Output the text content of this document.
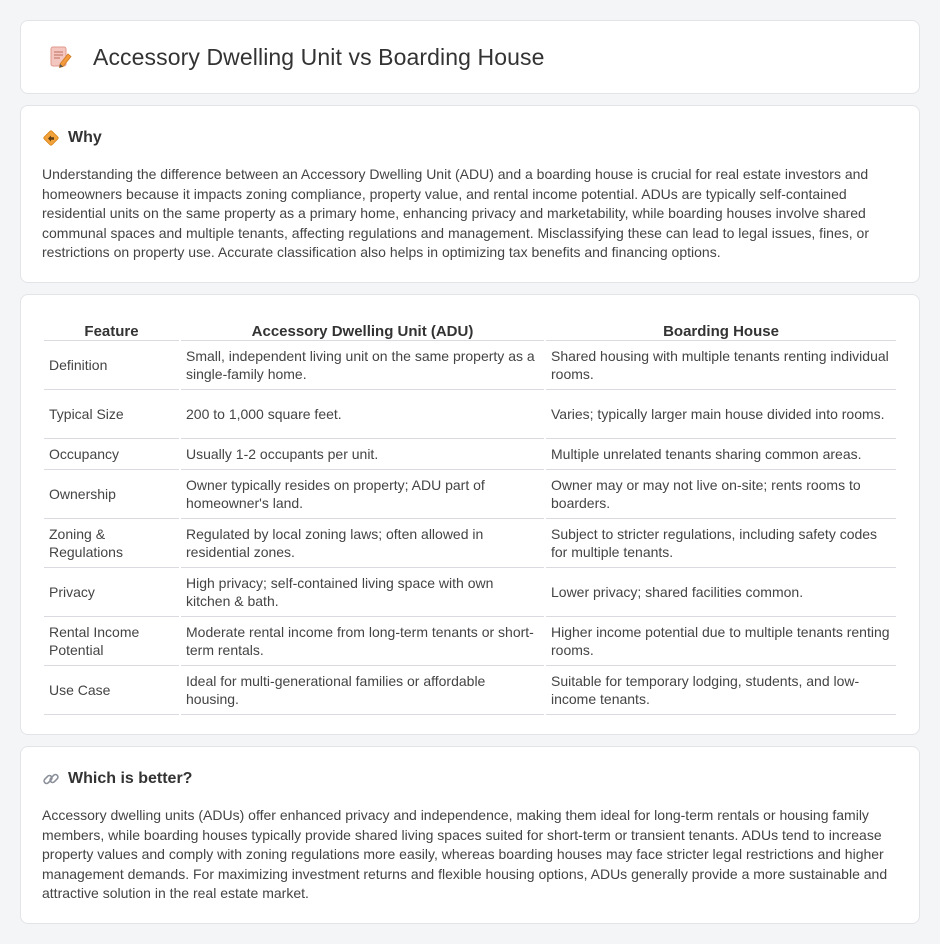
Accessory Dwelling Unit vs Boarding House
Why

Understanding the difference between an Accessory Dwelling Unit (ADU) and a boarding house is crucial for real estate investors and homeowners because it impacts zoning compliance, property value, and rental income potential. ADUs are typically self-contained residential units on the same property as a primary home, enhancing privacy and marketability, while boarding houses involve shared communal spaces and multiple tenants, affecting regulations and management. Misclassifying these can lead to legal issues, fines, or restrictions on property use. Accurate classification also helps in optimizing tax benefits and financing options.

Feature	Accessory Dwelling Unit (ADU)	Boarding House
Definition	Small, independent living unit on the same property as a single-family home.	Shared housing with multiple tenants renting individual rooms.
Typical Size	200 to 1,000 square feet.	Varies; typically larger main house divided into rooms.
Occupancy	Usually 1-2 occupants per unit.	Multiple unrelated tenants sharing common areas.
Ownership	Owner typically resides on property; ADU part of homeowner's land.	Owner may or may not live on-site; rents rooms to boarders.
Zoning & Regulations	Regulated by local zoning laws; often allowed in residential zones.	Subject to stricter regulations, including safety codes for multiple tenants.
Privacy	High privacy; self-contained living space with own kitchen & bath.	Lower privacy; shared facilities common.
Rental Income Potential	Moderate rental income from long-term tenants or short-term rentals.	Higher income potential due to multiple tenants renting rooms.
Use Case	Ideal for multi-generational families or affordable housing.	Suitable for temporary lodging, students, and low-income tenants.
Which is better?

Accessory dwelling units (ADUs) offer enhanced privacy and independence, making them ideal for long-term rentals or housing family members, while boarding houses typically provide shared living spaces suited for short-term or transient tenants. ADUs tend to increase property values and comply with zoning regulations more easily, whereas boarding houses may face stricter legal restrictions and higher management demands. For maximizing investment returns and flexible housing options, ADUs generally provide a more sustainable and attractive solution in the real estate market.
